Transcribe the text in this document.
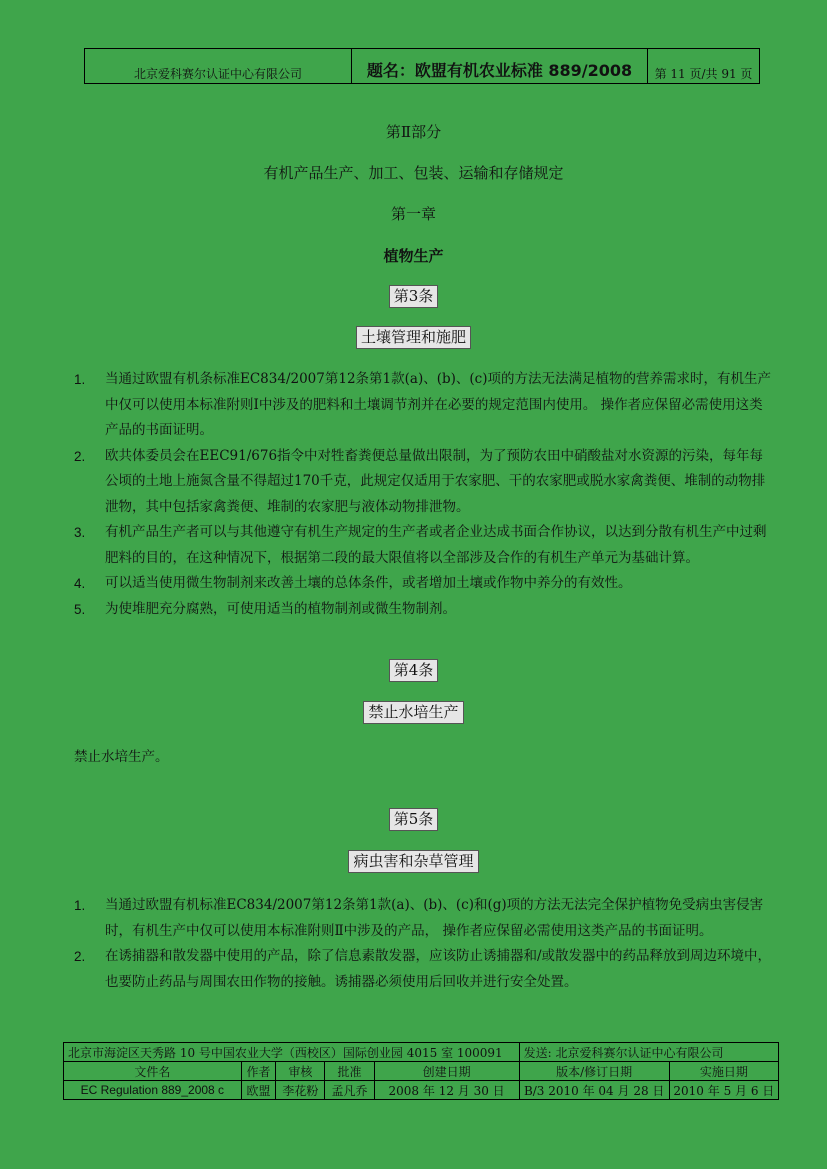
北京爱科赛尔认证中心有限公司	题名：欧盟有机农业标准 889/2008	第 11 页/共 91 页
第Ⅱ部分
有机产品生产、加工、包装、运输和存储规定
第一章
植物生产
第3条
土壤管理和施肥
1.	当通过欧盟有机条标准EC834/2007第12条第1款(a)、(b)、(c)项的方法无法满足植物的营养需求时，有机生产中仅可以使用本标准附则Ⅰ中涉及的肥料和土壤调节剂并在必要的规定范围内使用。 操作者应保留必需使用这类产品的书面证明。
2.	欧共体委员会在EEC91/676指令中对牲畜粪便总量做出限制，为了预防农田中硝酸盐对水资源的污染，每年每公顷的土地上施氮含量不得超过170千克，此规定仅适用于农家肥、干的农家肥或脱水家禽粪便、堆制的动物排泄物，其中包括家禽粪便、堆制的农家肥与液体动物排泄物。
3.	有机产品生产者可以与其他遵守有机生产规定的生产者或者企业达成书面合作协议，以达到分散有机生产中过剩肥料的目的，在这种情况下，根据第二段的最大限值将以全部涉及合作的有机生产单元为基础计算。
4.	可以适当使用微生物制剂来改善土壤的总体条件，或者增加土壤或作物中养分的有效性。
5.	为使堆肥充分腐熟，可使用适当的植物制剂或微生物制剂。
第4条
禁止水培生产
禁止水培生产。
第5条
病虫害和杂草管理
1.	当通过欧盟有机标准EC834/2007第12条第1款(a)、(b)、(c)和(g)项的方法无法完全保护植物免受病虫害侵害时，有机生产中仅可以使用本标准附则Ⅱ中涉及的产品， 操作者应保留必需使用这类产品的书面证明。
2.	在诱捕器和散发器中使用的产品，除了信息素散发器，应该防止诱捕器和/或散发器中的药品释放到周边环境中，也要防止药品与周围农田作物的接触。诱捕器必须使用后回收并进行安全处置。
北京市海淀区天秀路 10 号中国农业大学（西校区）国际创业园 4015 室 100091					发送: 北京爱科赛尔认证中心有限公司	
文件名	作者	审核	批准	创建日期	版本/修订日期	实施日期
EC Regulation 889_2008 c	欧盟	李花粉	孟凡乔	2008 年 12 月 30 日	B/3 2010 年 04 月 28 日	2010 年 5 月 6 日
